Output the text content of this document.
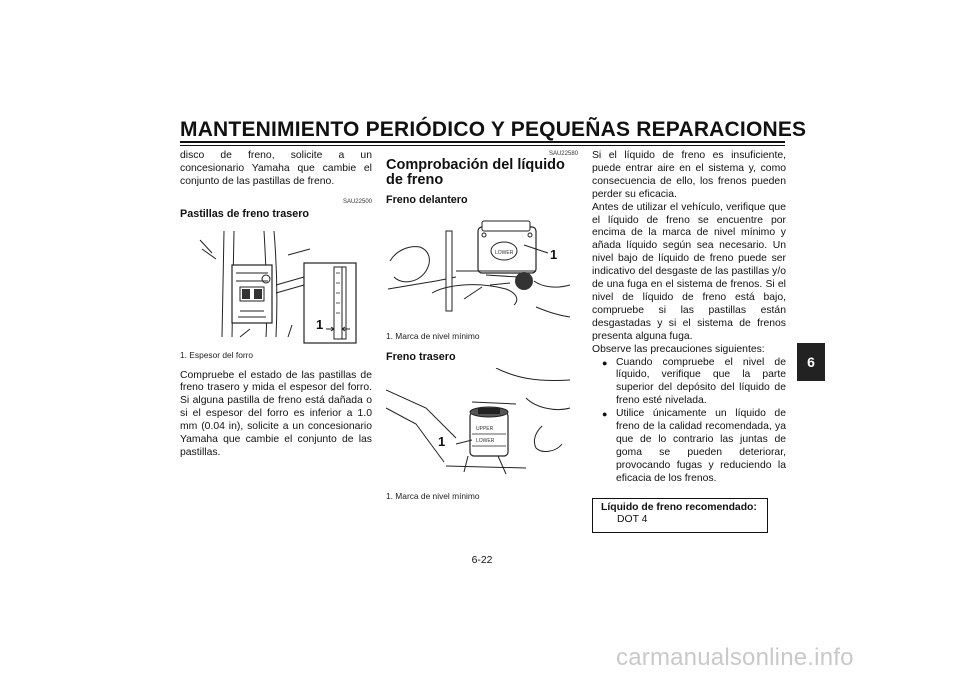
MANTENIMIENTO PERIÓDICO Y PEQUEÑAS REPARACIONES
6

disco de freno, solicite a un concesionario Yamaha que cambie el conjunto de las pastillas de freno.

SAU22500
Pastillas de freno trasero
1
1. Espesor del forro

Compruebe el estado de las pastillas de freno trasero y mida el espesor del forro. Si alguna pastilla de freno está dañada o si el espesor del forro es inferior a 1.0 mm (0.04 in), solicite a un concesionario Yamaha que cambie el conjunto de las pastillas.

SAU22580
Comprobación del líquido de freno
Freno delantero
LOWER	1
1. Marca de nivel mínimo
Freno trasero
UPPER
LOWER
1
1. Marca de nivel mínimo

Si el líquido de freno es insuficiente, puede entrar aire en el sistema y, como consecuencia de ello, los frenos pueden perder su eficacia.

Antes de utilizar el vehículo, verifique que el líquido de freno se encuentre por encima de la marca de nivel mínimo y añada líquido según sea necesario. Un nivel bajo de líquido de freno puede ser indicativo del desgaste de las pastillas y/o de una fuga en el sistema de frenos. Si el nivel de líquido de freno está bajo, compruebe si las pastillas están desgastadas y si el sistema de frenos presenta alguna fuga.

Observe las precauciones siguientes:

● Cuando compruebe el nivel de líquido, verifique que la parte superior del depósito del líquido de freno esté nivelada.

● Utilice únicamente un líquido de freno de la calidad recomendada, ya que de lo contrario las juntas de goma se pueden deteriorar, provocando fugas y reduciendo la eficacia de los frenos.

Líquido de freno recomendado:
DOT 4
6-22
carmanualsonline.info
